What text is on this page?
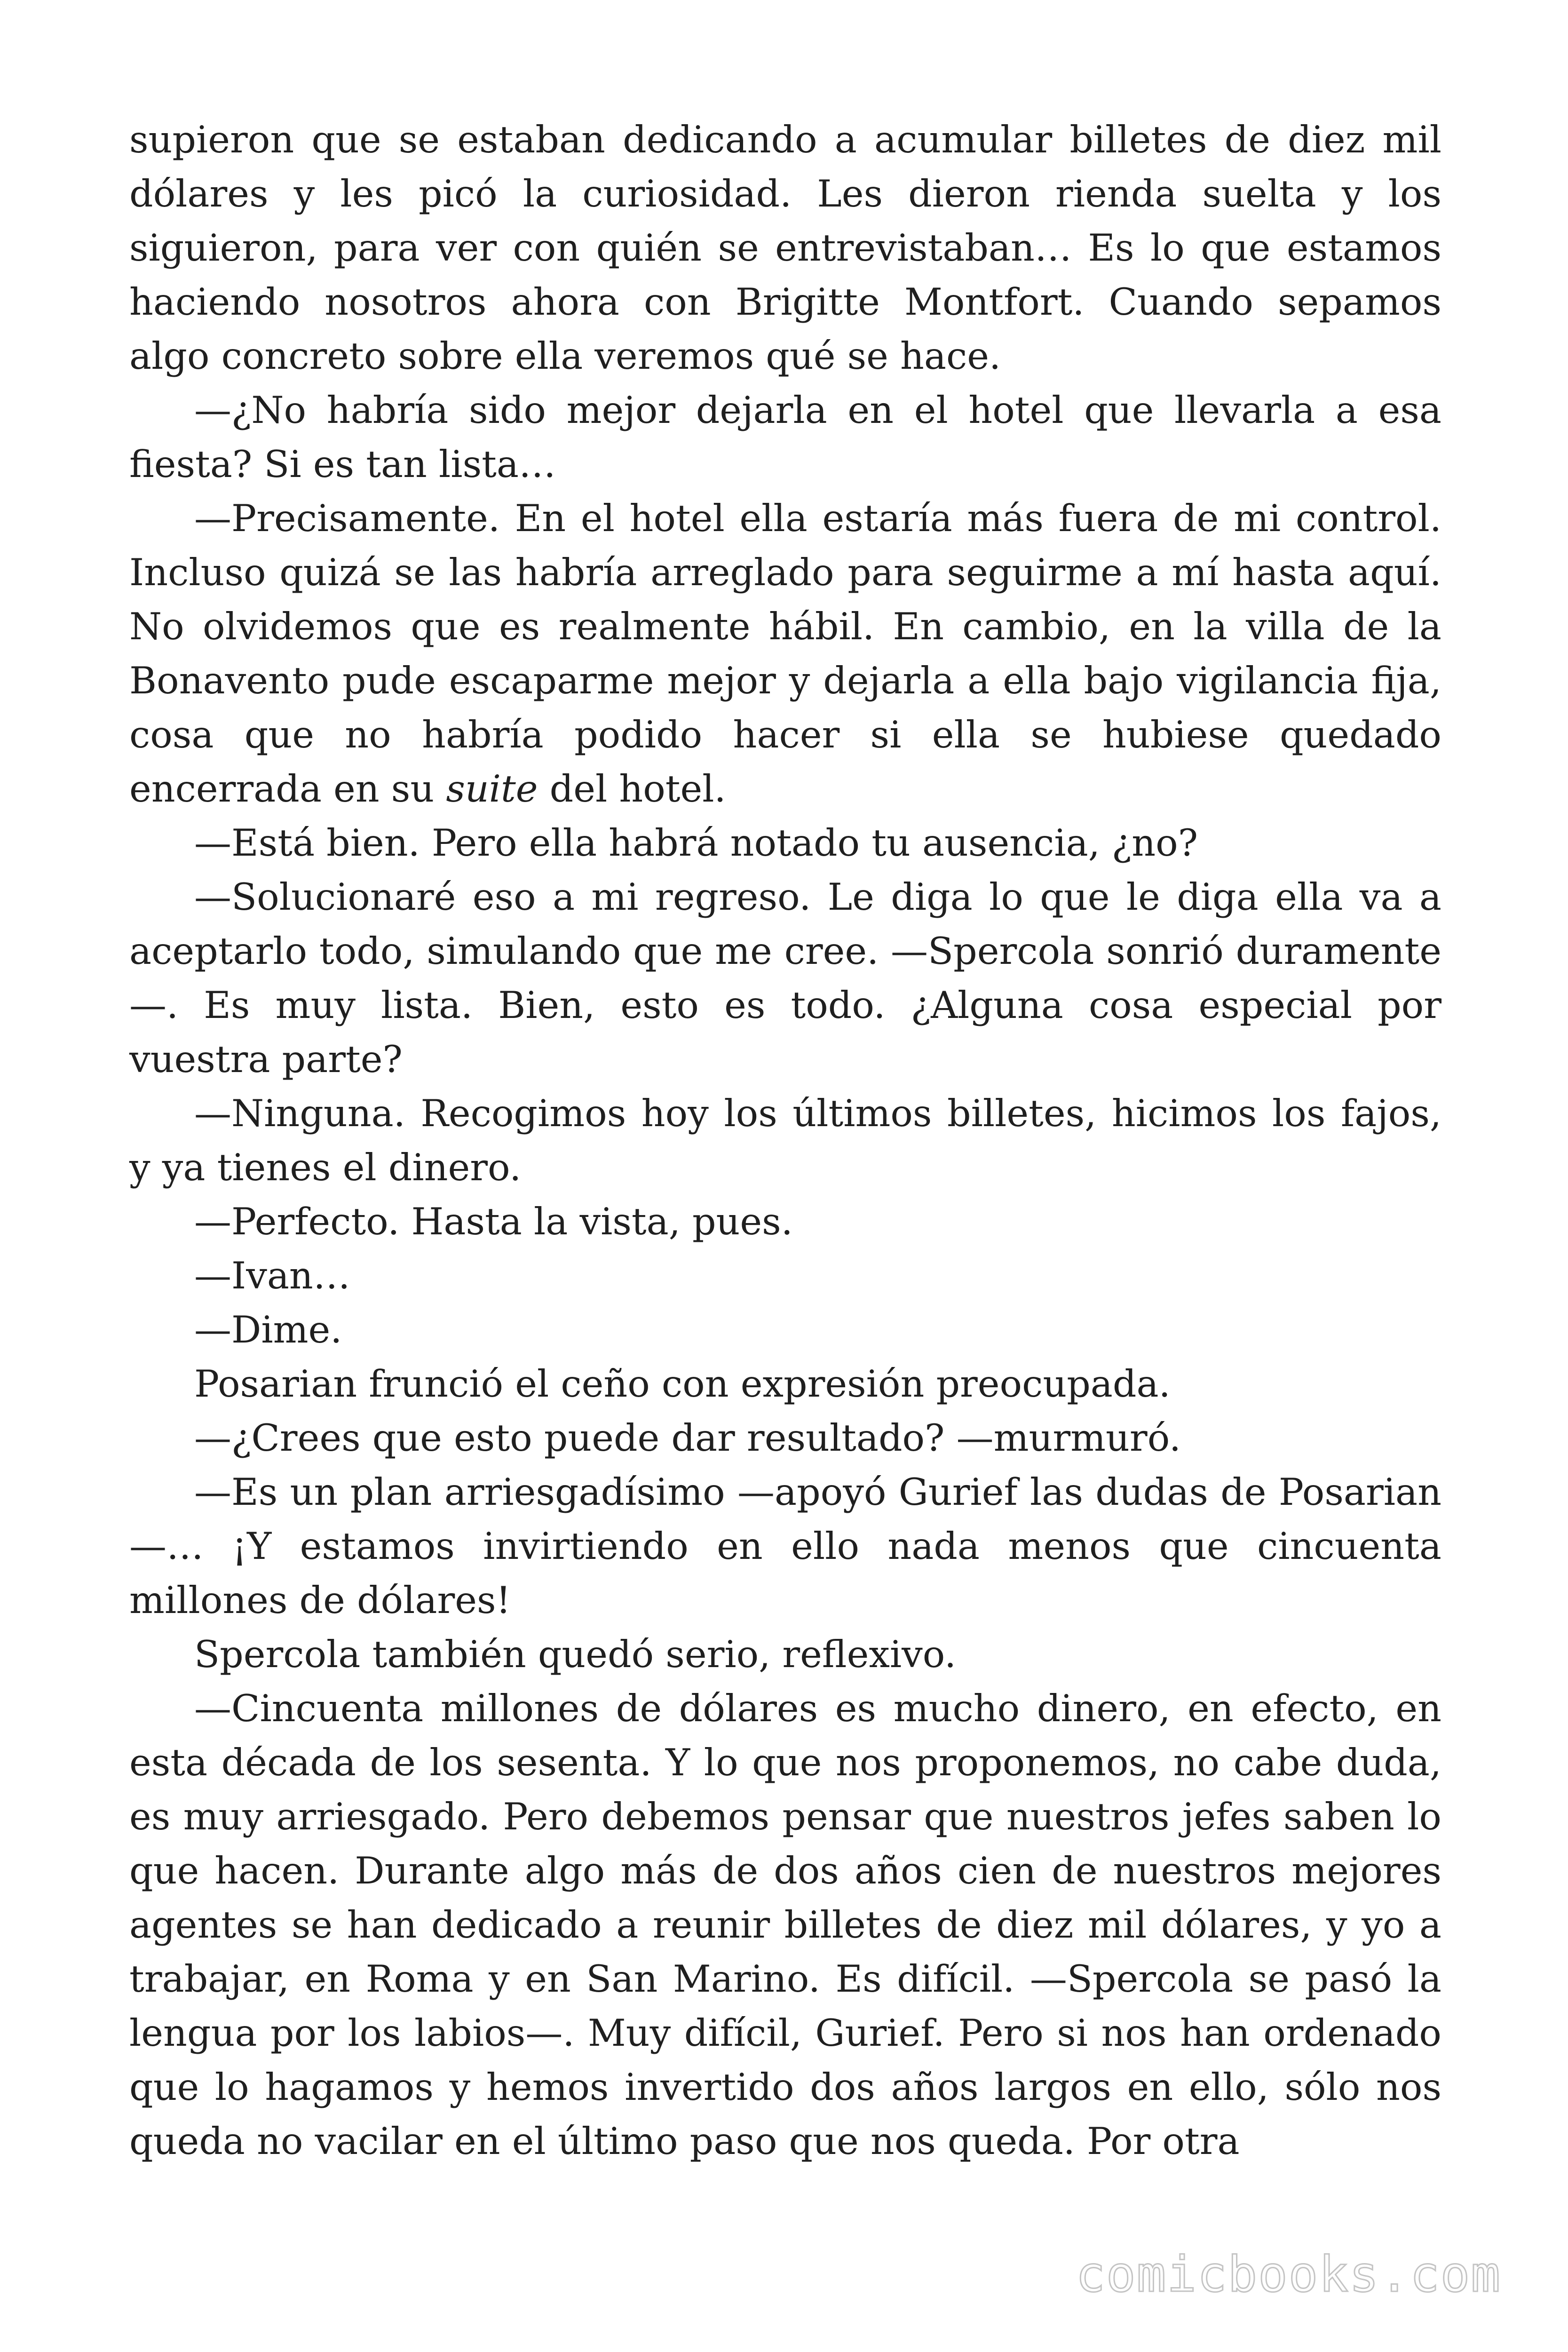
supieron que se estaban dedicando a acumular billetes de diez mil dólares y les picó la curiosidad. Les dieron rienda suelta y los siguieron, para ver con quién se entrevistaban… Es lo que estamos haciendo nosotros ahora con Brigitte Montfort. Cuando sepamos algo concreto sobre ella veremos qué se hace.

—¿No habría sido mejor dejarla en el hotel que llevarla a esa fiesta? Si es tan lista…

—Precisamente. En el hotel ella estaría más fuera de mi control. Incluso quizá se las habría arreglado para seguirme a mí hasta aquí. No olvidemos que es realmente hábil. En cambio, en la villa de la Bonavento pude escaparme mejor y dejarla a ella bajo vigilancia fija, cosa que no habría podido hacer si ella se hubiese quedado encerrada en su suite del hotel.

—Está bien. Pero ella habrá notado tu ausencia, ¿no?

—Solucionaré eso a mi regreso. Le diga lo que le diga ella va a aceptarlo todo, simulando que me cree. —Spercola sonrió duramente—. Es muy lista. Bien, esto es todo. ¿Alguna cosa especial por vuestra parte?

—Ninguna. Recogimos hoy los últimos billetes, hicimos los fajos, y ya tienes el dinero.

—Perfecto. Hasta la vista, pues.

—Ivan…

—Dime.

Posarian frunció el ceño con expresión preocupada.

—¿Crees que esto puede dar resultado? —murmuró.

—Es un plan arriesgadísimo —apoyó Gurief las dudas de Posarian—… ¡Y estamos invirtiendo en ello nada menos que cincuenta millones de dólares!

Spercola también quedó serio, reflexivo.

—Cincuenta millones de dólares es mucho dinero, en efecto, en esta década de los sesenta. Y lo que nos proponemos, no cabe duda, es muy arriesgado. Pero debemos pensar que nuestros jefes saben lo que hacen. Durante algo más de dos años cien de nuestros mejores agentes se han dedicado a reunir billetes de diez mil dólares, y yo a trabajar, en Roma y en San Marino. Es difícil. —Spercola se pasó la lengua por los labios—. Muy difícil, Gurief. Pero si nos han ordenado que lo hagamos y hemos invertido dos años largos en ello, sólo nos queda no vacilar en el último paso que nos queda. Por otra

comicbooks.com
